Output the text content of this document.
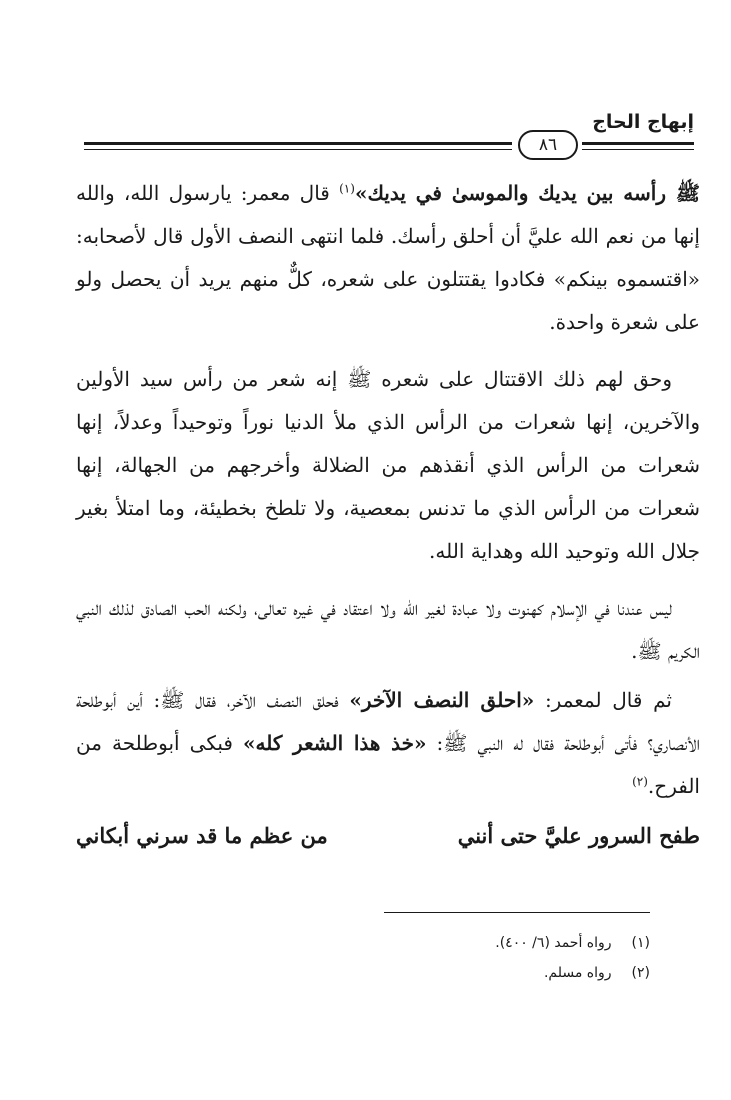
إبهاج الحاج
٨٦

ﷺ رأسه بين يديك والموسىٰ في يديك»$^{(١)}$ قال معمر: يارسول الله، والله إنها من نعم الله عليَّ أن أحلق رأسك. فلما انتهى النصف الأول قال لأصحابه: «اقتسموه بينكم» فكادوا يقتتلون على شعره، كلٌّ منهم يريد أن يحصل ولو على شعرة واحدة.

وحق لهم ذلك الاقتتال على شعره ﷺ إنه شعر من رأس سيد الأولين والآخرين، إنها شعرات من الرأس الذي ملأ الدنيا نوراً وتوحيداً وعدلاً، إنها شعرات من الرأس الذي أنقذهم من الضلالة وأخرجهم من الجهالة، إنها شعرات من الرأس الذي ما تدنس بمعصية، ولا تلطخ بخطيئة، وما امتلأ بغير جلال الله وتوحيد الله وهداية الله.

ليس عندنا في الإسلام كهنوت ولا عبادة لغير الله ولا اعتقاد في غيره تعالى، ولكنه الحب الصادق لذلك النبي الكريم ﷺ.

ثم قال لمعمر: «احلق النصف الآخر» فحلق النصف الآخر، فقال ﷺ: أين أبوطلحة الأنصاري؟ فأتى أبوطلحة فقال له النبي ﷺ: «خذ هذا الشعر كله» فبكى أبوطلحة من الفرح.$^{(٢)}$

طفح السرور عليَّ حتى أنني
من عظم ما قد سرني أبكاني
(١) رواه أحمد (٦/ ٤٠٠).
(٢) رواه مسلم.
